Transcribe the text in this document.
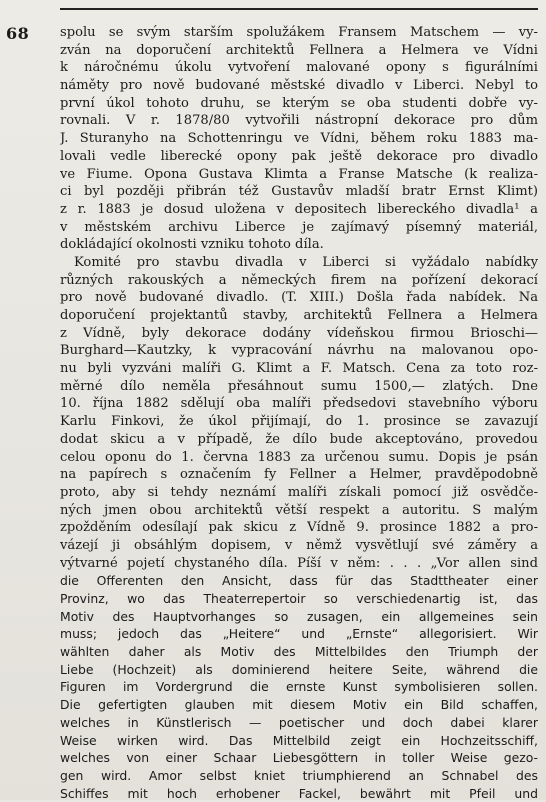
68 spolu se svým starším spolužákem Fransem Matschem — vy-
zván na doporučení architektů Fellnera a Helmera ve Vídni
k náročnému úkolu vytvoření malované opony s figurálními
náměty pro nově budované městské divadlo v Liberci. Nebyl to
první úkol tohoto druhu, se kterým se oba studenti dobře vy-
rovnali. V r. 1878/80 vytvořili nástropní dekorace pro dům
J. Sturanyho na Schottenringu ve Vídni, během roku 1883 ma-
lovali vedle liberecké opony pak ještě dekorace pro divadlo
ve Fiume. Opona Gustava Klimta a Franse Matsche (k realiza-
ci byl později přibrán též Gustavův mladší bratr Ernst Klimt)
z r. 1883 je dosud uložena v depositech libereckého divadla¹ a
v městském archivu Liberce je zajímavý písemný materiál,
dokládající okolnosti vzniku tohoto díla.
Komité pro stavbu divadla v Liberci si vyžádalo nabídky
různých rakouských a německých firem na pořízení dekorací
pro nově budované divadlo. (T. XIII.) Došla řada nabídek. Na
doporučení projektantů stavby, architektů Fellnera a Helmera
z Vídně, byly dekorace dodány vídeňskou firmou Brioschi—
Burghard—Kautzky, k vypracování návrhu na malovanou opo-
nu byli vyzváni malíři G. Klimt a F. Matsch. Cena za toto roz-
měrné dílo neměla přesáhnout sumu 1500,— zlatých. Dne
10. října 1882 sdělují oba malíři předsedovi stavebního výboru
Karlu Finkovi, že úkol přijímají, do 1. prosince se zavazují
dodat skicu a v případě, že dílo bude akceptováno, provedou
celou oponu do 1. června 1883 za určenou sumu. Dopis je psán
na papírech s označením fy Fellner a Helmer, pravděpodobně
proto, aby si tehdy neznámí malíři získali pomocí již osvědče-
ných jmen obou architektů větší respekt a autoritu. S malým
zpožděním odesílají pak skicu z Vídně 9. prosince 1882 a pro-
vázejí ji obsáhlým dopisem, v němž vysvětlují své záměry a
výtvarné pojetí chystaného díla. Píší v něm: . . . „Vor allen sind
die Offerenten den Ansicht, dass für das Stadttheater einer
Provinz, wo das Theaterrepertoir so verschiedenartig ist, das
Motiv des Hauptvorhanges so zusagen, ein allgemeines sein
muss; jedoch das „Heitere“ und „Ernste“ allegorisiert. Wir
wählten daher als Motiv des Mittelbildes den Triumph der
Liebe (Hochzeit) als dominierend heitere Seite, während die
Figuren im Vordergrund die ernste Kunst symbolisieren sollen.
Die gefertigten glauben mit diesem Motiv ein Bild schaffen,
welches in Künstlerisch — poetischer und doch dabei klarer
Weise wirken wird. Das Mittelbild zeigt ein Hochzeitsschiff,
welches von einer Schaar Liebesgöttern in toller Weise gezo-
gen wird. Amor selbst kniet triumphierend an Schnabel des
Schiffes mit hoch erhobener Fackel, bewährt mit Pfeil und
